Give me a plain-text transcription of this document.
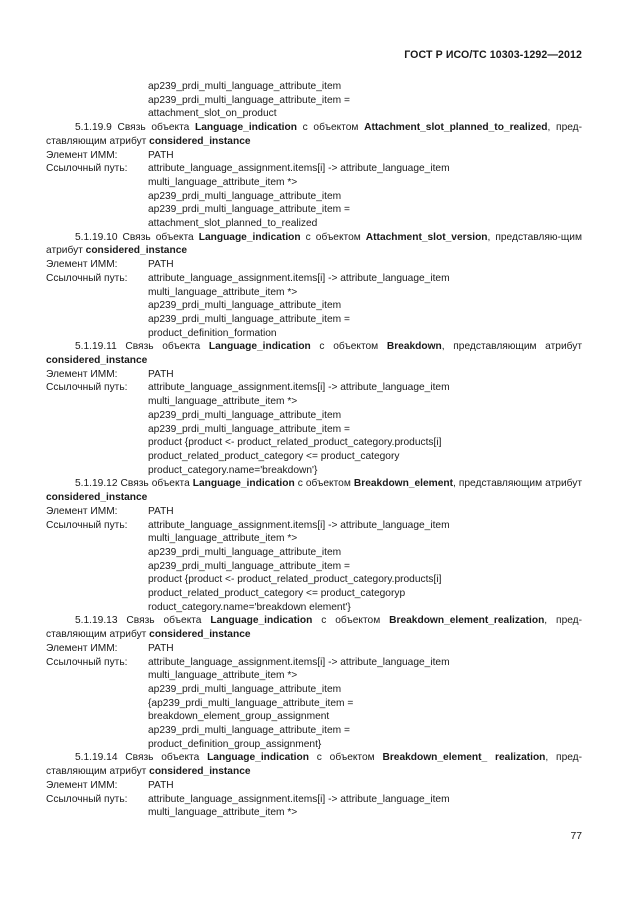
ГОСТ Р ИСО/ТС 10303-1292—2012
ap239_prdi_multi_language_attribute_item
ap239_prdi_multi_language_attribute_item =
attachment_slot_on_product
5.1.19.9 Связь объекта Language_indication с объектом Attachment_slot_planned_to_realized, пред-ставляющим атрибут considered_instance
Элемент ИММ:	PATH
Ссылочный путь:	attribute_language_assignment.items[i] -> attribute_language_item
multi_language_attribute_item *>
ap239_prdi_multi_language_attribute_item
ap239_prdi_multi_language_attribute_item =
attachment_slot_planned_to_realized
5.1.19.10 Связь объекта Language_indication с объектом Attachment_slot_version, представляю-щим атрибут considered_instance
Элемент ИММ:	PATH
Ссылочный путь:	attribute_language_assignment.items[i] -> attribute_language_item
multi_language_attribute_item *>
ap239_prdi_multi_language_attribute_item
ap239_prdi_multi_language_attribute_item =
product_definition_formation
5.1.19.11 Связь объекта Language_indication с объектом Breakdown, представляющим атрибут considered_instance
Элемент ИММ:	PATH
Ссылочный путь:	attribute_language_assignment.items[i] -> attribute_language_item
multi_language_attribute_item *>
ap239_prdi_multi_language_attribute_item
ap239_prdi_multi_language_attribute_item =
product {product <- product_related_product_category.products[i]
product_related_product_category <= product_category
product_category.name='breakdown'}
5.1.19.12 Связь объекта Language_indication с объектом Breakdown_element, представляющим атрибут considered_instance
Элемент ИММ:	PATH
Ссылочный путь:	attribute_language_assignment.items[i] -> attribute_language_item
multi_language_attribute_item *>
ap239_prdi_multi_language_attribute_item
ap239_prdi_multi_language_attribute_item =
product {product <- product_related_product_category.products[i]
product_related_product_category <= product_categoryp
roduct_category.name='breakdown element'}
5.1.19.13 Связь объекта Language_indication с объектом Breakdown_element_realization, пред-ставляющим атрибут considered_instance
Элемент ИММ:	PATH
Ссылочный путь:	attribute_language_assignment.items[i] -> attribute_language_item
multi_language_attribute_item *>
ap239_prdi_multi_language_attribute_item
{ap239_prdi_multi_language_attribute_item =
breakdown_element_group_assignment
ap239_prdi_multi_language_attribute_item =
product_definition_group_assignment}
5.1.19.14 Связь объекта Language_indication с объектом Breakdown_element_ realization, пред-ставляющим атрибут considered_instance
Элемент ИММ:	PATH
Ссылочный путь:	attribute_language_assignment.items[i] -> attribute_language_item
multi_language_attribute_item *>
77
